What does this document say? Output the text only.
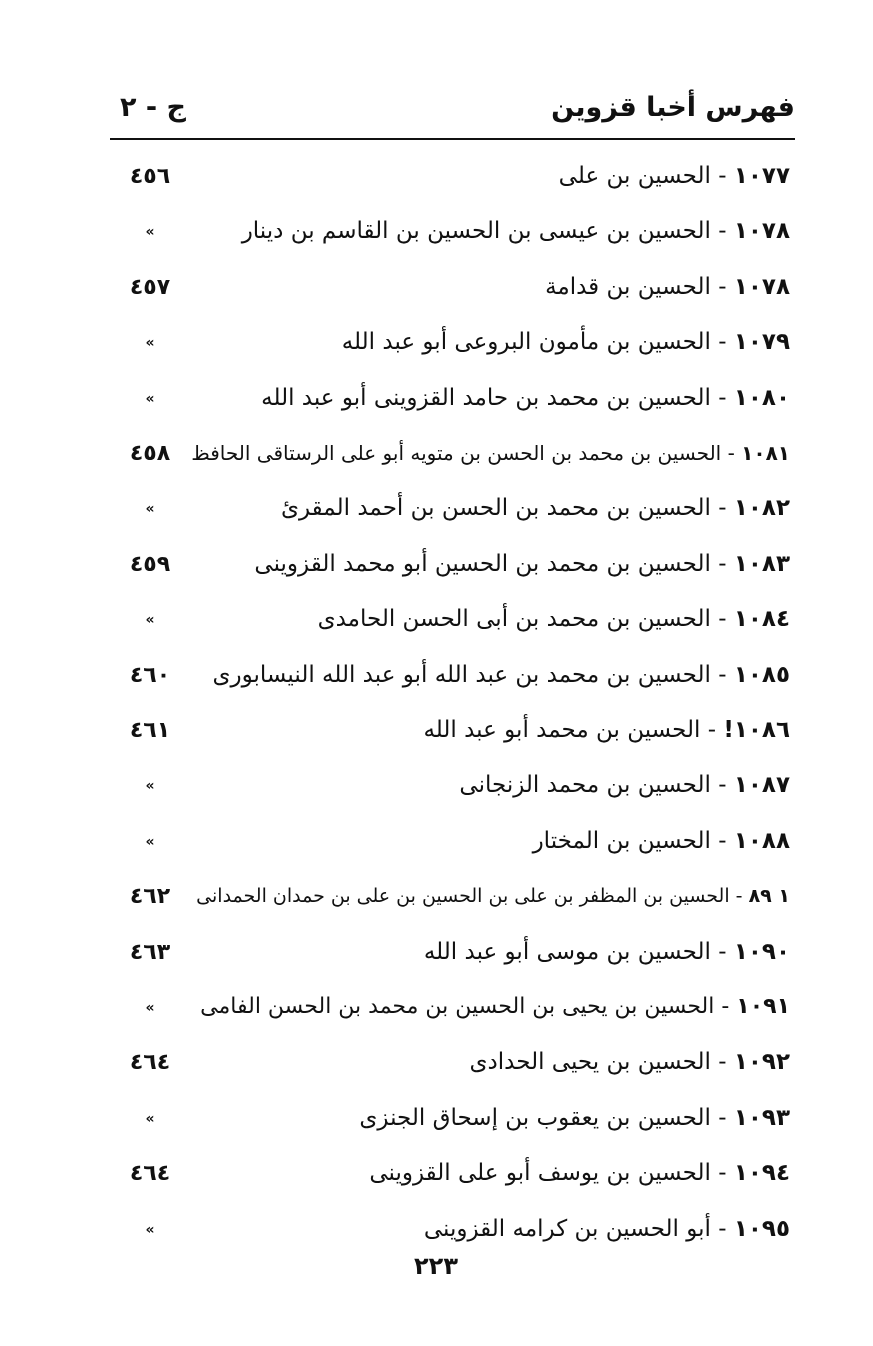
فهرس أخبا قزوين
ج - ٢
١٠٧٧ - الحسين بن على
٤٥٦
١٠٧٨ - الحسين بن عيسى بن الحسين بن القاسم بن دينار
»
١٠٧٨ - الحسين بن قدامة
٤٥٧
١٠٧٩ - الحسين بن مأمون البروعى أبو عبد الله
»
١٠٨٠ - الحسين بن محمد بن حامد القزوينى أبو عبد الله
»
١٠٨١ - الحسين بن محمد بن الحسن بن متويه أبو على الرستاقى الحافظ
٤٥٨
١٠٨٢ - الحسين بن محمد بن الحسن بن أحمد المقرئ
»
١٠٨٣ - الحسين بن محمد بن الحسين أبو محمد القزوينى
٤٥٩
١٠٨٤ - الحسين بن محمد بن أبى الحسن الحامدى
»
١٠٨٥ - الحسين بن محمد بن عبد الله أبو عبد الله النيسابورى
٤٦٠
١٠٨٦! - الحسين بن محمد أبو عبد الله
٤٦١
١٠٨٧ - الحسين بن محمد الزنجانى
»
١٠٨٨ - الحسين بن المختار
»
١ ٨٩ - الحسين بن المظفر بن على بن الحسين بن على بن حمدان الحمدانى
٤٦٢
١٠٩٠ - الحسين بن موسى أبو عبد الله
٤٦٣
١٠٩١ - الحسين بن يحيى بن الحسين بن محمد بن الحسن الفامى
»
١٠٩٢ - الحسين بن يحيى الحدادى
٤٦٤
١٠٩٣ - الحسين بن يعقوب بن إسحاق الجنزى
»
١٠٩٤ - الحسين بن يوسف أبو على القزوينى
٤٦٤
١٠٩٥ - أبو الحسين بن كرامه القزوينى
»
٢٢٣
